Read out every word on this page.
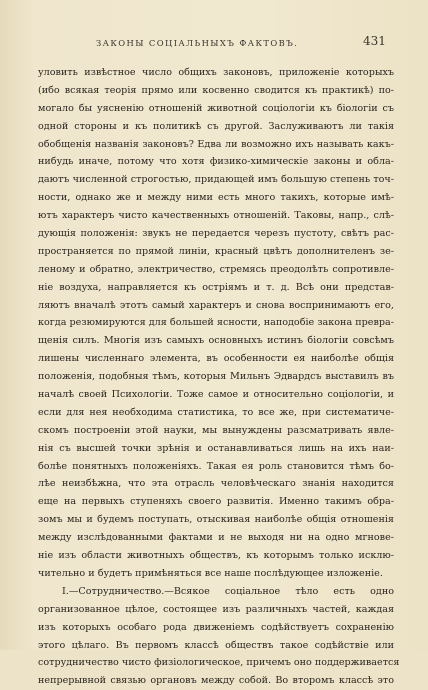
ЗАКОНЫ СОЦІАЛЬНЫХЪ ФАКТОВЪ.	431
уловить извѣстное число общихъ законовъ, приложеніе которыхъ
(ибо всякая теорія прямо или косвенно сводится къ практикѣ) по-
могало бы уясненію отношеній животной соціологіи къ біологіи съ
одной стороны и къ политикѣ съ другой. Заслуживаютъ ли такія
обобщенія названія законовъ? Едва ли возможно ихъ называть какъ-
нибудь иначе, потому что хотя физико-химическіе законы и обла-
даютъ численной строгостью, придающей имъ большую степень точ-
ности, однако же и между ними есть много такихъ, которые имѣ-
ютъ характеръ чисто качественныхъ отношеній. Таковы, напр., слѣ-
дующія положенія: звукъ не передается черезъ пустоту, свѣтъ рас-
пространяется по прямой линіи, красный цвѣтъ дополнителенъ зе-
леному и обратно, электричество, стремясь преодолѣть сопротивле-
ніе воздуха, направляется къ остріямъ и т. д. Всѣ они представ-
ляютъ вначалѣ этотъ самый характеръ и снова воспринимаютъ его,
когда резюмируются для большей ясности, наподобіе закона превра-
щенія силъ. Многія изъ самыхъ основныхъ истинъ біологіи совсѣмъ
лишены численнаго элемента, въ особенности ея наиболѣе общія
положенія, подобныя тѣмъ, которыя Мильнъ Эдвардсъ выставилъ въ
началѣ своей Психологіи. Тоже самое и относительно соціологіи, и
если для нея необходима статистика, то все же, при систематиче-
скомъ построеніи этой науки, мы вынуждены разсматривать явле-
нія съ высшей точки зрѣнія и останавливаться лишь на ихъ наи-
болѣе понятныхъ положеніяхъ. Такая ея роль становится тѣмъ бо-
лѣе неизбѣжна, что эта отрасль человѣческаго знанія находится
еще на первыхъ ступеняхъ своего развитія. Именно такимъ обра-
зомъ мы и будемъ поступать, отыскивая наиболѣе общія отношенія
между изслѣдованными фактами и не выходя ни на одно мгнове-
ніе изъ области животныхъ обществъ, къ которымъ только исклю-
чительно и будетъ примѣняться все наше послѣдующее изложеніе.
I.—Сотрудничество.—Всякое соціальное тѣло есть одно
организованное цѣлое, состоящее изъ различныхъ частей, каждая
изъ которыхъ особаго рода движеніемъ содѣйствуетъ сохраненію
этого цѣлаго. Въ первомъ классѣ обществъ такое содѣйствіе или
сотрудничество чисто физіологическое, причемъ оно поддерживается
непрерывной связью органовъ между собой. Во второмъ классѣ это
